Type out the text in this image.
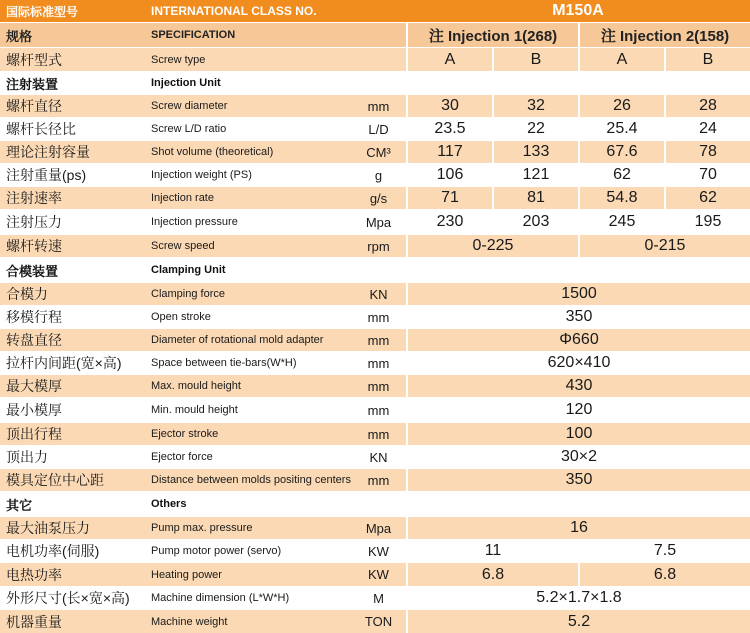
国际标准型号	INTERNATIONAL CLASS NO.	M150A
规格	SPECIFICATION	注 Injection 1(268)	注 Injection 2(158)
螺杆型式	Screw type	A	B	A	B
注射装置	Injection Unit
螺杆直径	Screw diameter	mm	30	32	26	28
螺杆长径比	Screw L/D ratio	L/D	23.5	22	25.4	24
理论注射容量	Shot volume (theoretical)	CM³	117	133	67.6	78
注射重量(ps)	Injection weight (PS)	g	106	121	62	70
注射速率	Injection rate	g/s	71	81	54.8	62
注射压力	Injection pressure	Mpa	230	203	245	195
螺杆转速	Screw speed	rpm	0-225	0-215
合模装置	Clamping Unit
合模力	Clamping force	KN	1500
移模行程	Open stroke	mm	350
转盘直径	Diameter of rotational mold adapter	mm	Φ660
拉杆内间距(宽×高)	Space between tie-bars(W*H)	mm	620×410
最大模厚	Max. mould height	mm	430
最小模厚	Min. mould height	mm	120
顶出行程	Ejector stroke	mm	100
顶出力	Ejector force	KN	30×2
模具定位中心距	Distance between molds positing centers	mm	350
其它	Others
最大油泵压力	Pump max. pressure	Mpa	16
电机功率(伺服)	Pump motor power (servo)	KW	11	7.5
电热功率	Heating power	KW	6.8	6.8
外形尺寸(长×宽×高)	Machine dimension (L*W*H)	M	5.2×1.7×1.8
机器重量	Machine weight	TON	5.2
